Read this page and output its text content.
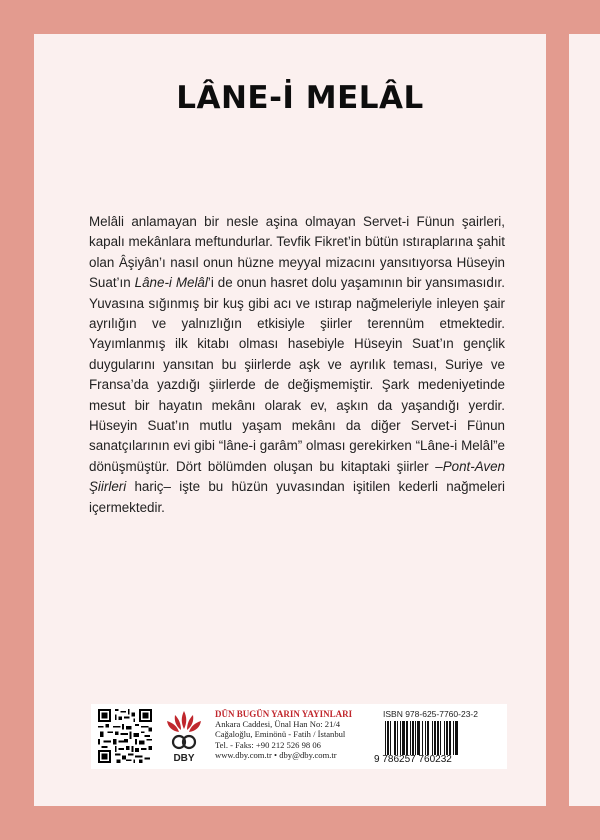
LÂNE-İ MELÂL

Melâli anlamayan bir nesle aşina olmayan Servet-i Fünun şairleri, kapalı mekânlara meftundurlar. Tevfik Fikret’in bütün ıstıraplarına şahit olan Âşiyân’ı nasıl onun hüzne meyyal mizacını yansıtıyorsa Hüseyin Suat’ın Lâne-i Melâl’i de onun hasret dolu yaşamının bir yansımasıdır. Yuvasına sığınmış bir kuş gibi acı ve ıstırap nağmeleriyle inleyen şair ayrılığın ve yalnızlığın etkisiyle şiirler terennüm etmektedir. Yayımlanmış ilk kitabı olması hasebiyle Hüseyin Suat’ın gençlik duygularını yansıtan bu şiirlerde aşk ve ayrılık teması, Suriye ve Fransa’da yazdığı şiirlerde de değişmemiştir. Şark medeniyetinde mesut bir hayatın mekânı olarak ev, aşkın da yaşandığı yerdir. Hüseyin Suat’ın mutlu yaşam mekânı da diğer Servet-i Fünun sanatçılarının evi gibi “lâne-i garâm” olması gerekirken “Lâne-i Melâl”e dönüşmüştür. Dört bölümden oluşan bu kitaptaki şiirler –Pont-Aven Şiirleri hariç– işte bu hüzün yuvasından işitilen kederli nağmeleri içermektedir.

DBY
DÜN BUGÜN YARIN YAYINLARI
Ankara Caddesi, Ünal Han No: 21/4
Cağaloğlu, Eminönü - Fatih / İstanbul
Tel. - Faks: +90 212 526 98 06
www.dby.com.tr • dby@dby.com.tr
ISBN 978-625-7760-23-2
9 786257 760232
